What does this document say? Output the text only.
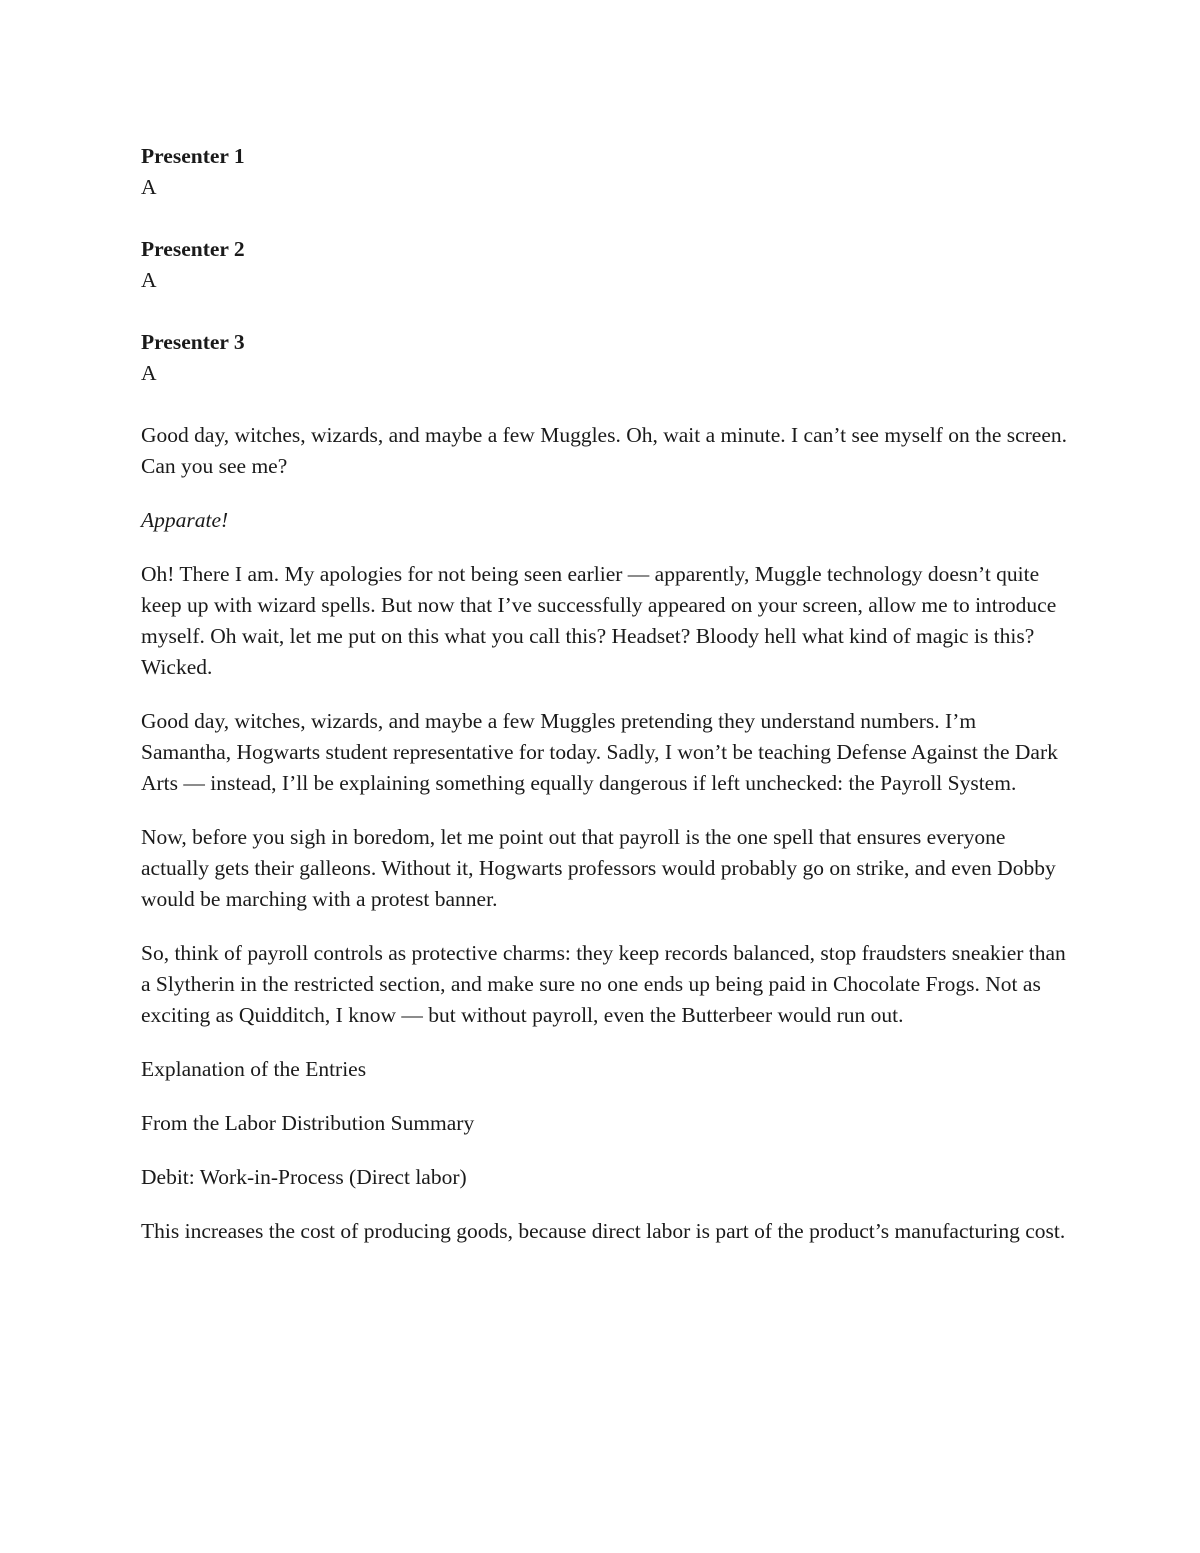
Presenter 1
A
Presenter 2
A
Presenter 3
A

Good day, witches, wizards, and maybe a few Muggles. Oh, wait a minute. I can’t see myself on the screen. Can you see me?

Apparate!

Oh! There I am. My apologies for not being seen earlier — apparently, Muggle technology doesn’t quite keep up with wizard spells. But now that I’ve successfully appeared on your screen, allow me to introduce myself. Oh wait, let me put on this what you call this? Headset? Bloody hell what kind of magic is this? Wicked.

Good day, witches, wizards, and maybe a few Muggles pretending they understand numbers. I’m Samantha, Hogwarts student representative for today. Sadly, I won’t be teaching Defense Against the Dark Arts — instead, I’ll be explaining something equally dangerous if left unchecked: the Payroll System.

Now, before you sigh in boredom, let me point out that payroll is the one spell that ensures everyone actually gets their galleons. Without it, Hogwarts professors would probably go on strike, and even Dobby would be marching with a protest banner.

So, think of payroll controls as protective charms: they keep records balanced, stop fraudsters sneakier than a Slytherin in the restricted section, and make sure no one ends up being paid in Chocolate Frogs. Not as exciting as Quidditch, I know — but without payroll, even the Butterbeer would run out.

Explanation of the Entries

From the Labor Distribution Summary

Debit: Work-in-Process (Direct labor)

This increases the cost of producing goods, because direct labor is part of the product’s manufacturing cost.
